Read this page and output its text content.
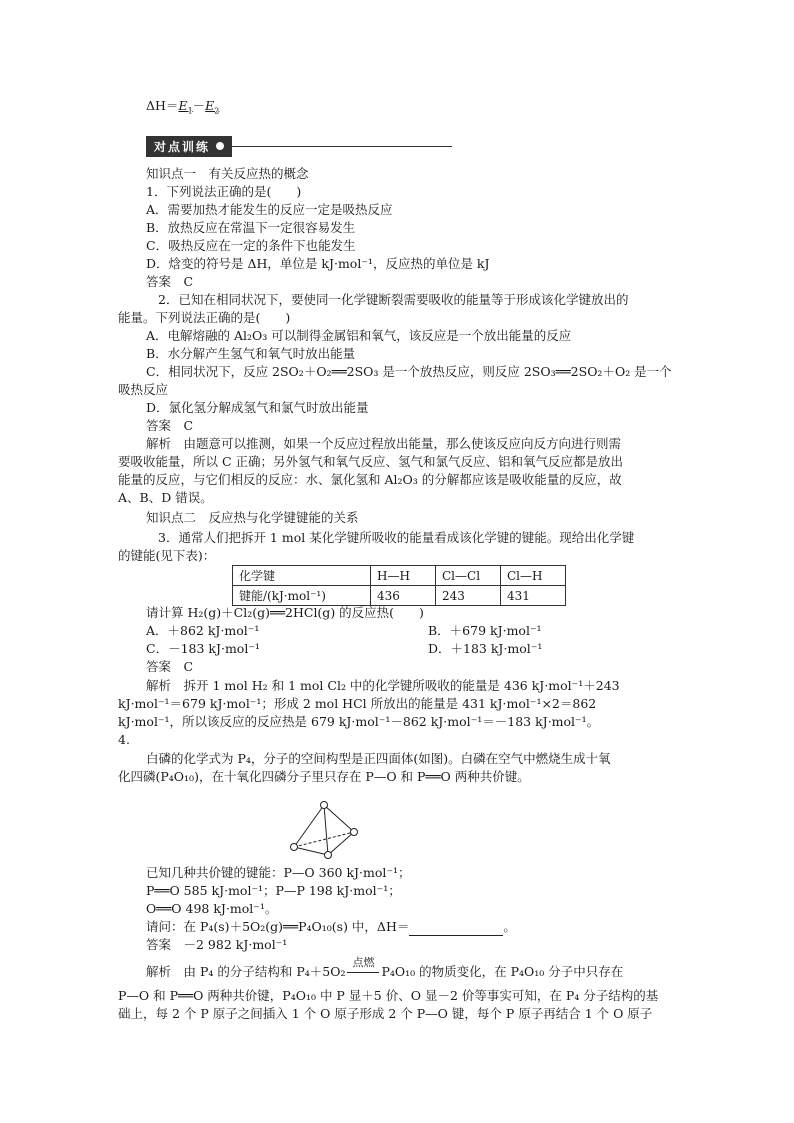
$\Delta H=E_1-E_2$
对点训练
知识点一　有关反应热的概念
1．下列说法正确的是(　　)
A．需要加热才能发生的反应一定是吸热反应
B．放热反应在常温下一定很容易发生
C．吸热反应在一定的条件下也能发生
D．焓变的符号是 ΔH，单位是 kJ·mol⁻¹，反应热的单位是 kJ
答案　C
2．已知在相同状况下，要使同一化学键断裂需要吸收的能量等于形成该化学键放出的
能量。下列说法正确的是(　　)
A．电解熔融的 Al₂O₃ 可以制得金属铝和氧气，该反应是一个放出能量的反应
B．水分解产生氢气和氧气时放出能量
C．相同状况下，反应 2SO₂＋O₂══2SO₃ 是一个放热反应，则反应 2SO₃══2SO₂＋O₂ 是一个
吸热反应
D．氯化氢分解成氢气和氯气时放出能量
答案　C
解析　由题意可以推测，如果一个反应过程放出能量，那么使该反应向反方向进行则需
要吸收能量，所以 C 正确；另外氢气和氧气反应、氢气和氯气反应、铝和氧气反应都是放出
能量的反应，与它们相反的反应：水、氯化氢和 Al₂O₃ 的分解都应该是吸收能量的反应，故
A、B、D 错误。
知识点二　反应热与化学键键能的关系
3．通常人们把拆开 1 mol 某化学键所吸收的能量看成该化学键的键能。现给出化学键
的键能(见下表)：
化学键	H—H	Cl—Cl	Cl—H
键能/(kJ·mol⁻¹)	436	243	431
请计算 H₂(g)＋Cl₂(g)══2HCl(g) 的反应热(　　)
A．＋862 kJ·mol⁻¹	B．＋679 kJ·mol⁻¹
C．－183 kJ·mol⁻¹	D．＋183 kJ·mol⁻¹
答案　C
解析　拆开 1 mol H₂ 和 1 mol Cl₂ 中的化学键所吸收的能量是 436 kJ·mol⁻¹＋243
kJ·mol⁻¹＝679 kJ·mol⁻¹；形成 2 mol HCl 所放出的能量是 431 kJ·mol⁻¹×2＝862
kJ·mol⁻¹，所以该反应的反应热是 679 kJ·mol⁻¹－862 kJ·mol⁻¹＝－183 kJ·mol⁻¹。
4.
白磷的化学式为 P₄，分子的空间构型是正四面体(如图)。白磷在空气中燃烧生成十氧
化四磷(P₄O₁₀)，在十氧化四磷分子里只存在 P—O 和 P══O 两种共价键。
已知几种共价键的键能：P—O 360 kJ·mol⁻¹；
P══O 585 kJ·mol⁻¹；P—P 198 kJ·mol⁻¹；
O══O 498 kJ·mol⁻¹。
请问：在 P₄(s)＋5O₂(g)══P₄O₁₀(s) 中，ΔH＝	。
答案　－2 982 kJ·mol⁻¹
解析　由 P₄ 的分子结构和 P₄＋5O₂
点燃
P₄O₁₀ 的物质变化，在 P₄O₁₀ 分子中只存在
P—O 和 P══O 两种共价键，P₄O₁₀ 中 P 显＋5 价、O 显－2 价等事实可知，在 P₄ 分子结构的基
础上，每 2 个 P 原子之间插入 1 个 O 原子形成 2 个 P—O 键，每个 P 原子再结合 1 个 O 原子
